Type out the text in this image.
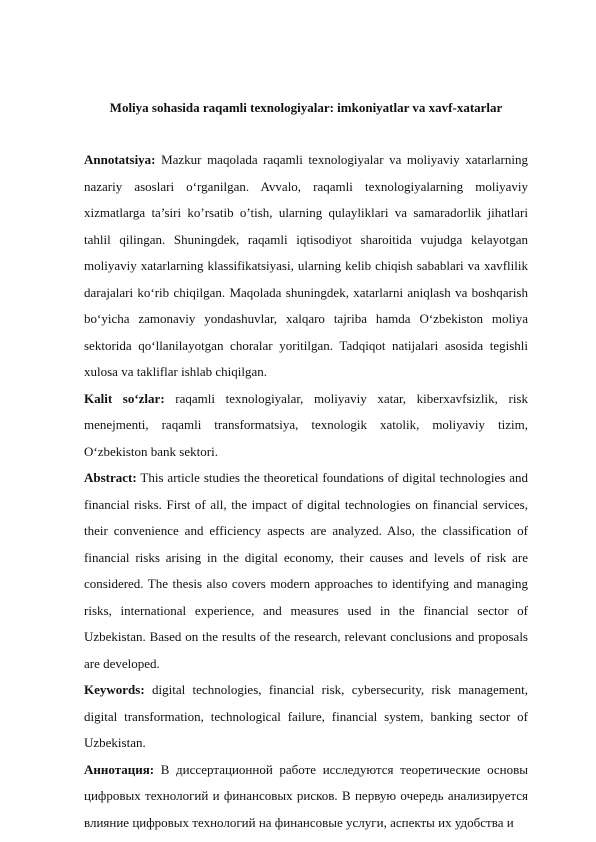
Moliya sohasida raqamli texnologiyalar: imkoniyatlar va xavf-xatarlar

Annotatsiya: Mazkur maqolada raqamli texnologiyalar va moliyaviy xatarlarning nazariy asoslari o‘rganilgan. Avvalo, raqamli texnologiyalarning moliyaviy xizmatlarga ta’siri ko’rsatib o’tish, ularning qulayliklari va samaradorlik jihatlari tahlil qilingan. Shuningdek, raqamli iqtisodiyot sharoitida vujudga kelayotgan moliyaviy xatarlarning klassifikatsiyasi, ularning kelib chiqish sabablari va xavflilik darajalari ko‘rib chiqilgan. Maqolada shuningdek, xatarlarni aniqlash va boshqarish bo‘yicha zamonaviy yondashuvlar, xalqaro tajriba hamda O‘zbekiston moliya sektorida qo‘llanilayotgan choralar yoritilgan. Tadqiqot natijalari asosida tegishli xulosa va takliflar ishlab chiqilgan.

Kalit so‘zlar: raqamli texnologiyalar, moliyaviy xatar, kiberxavfsizlik, risk menejmenti, raqamli transformatsiya, texnologik xatolik, moliyaviy tizim, O‘zbekiston bank sektori.

Abstract: This article studies the theoretical foundations of digital technologies and financial risks. First of all, the impact of digital technologies on financial services, their convenience and efficiency aspects are analyzed. Also, the classification of financial risks arising in the digital economy, their causes and levels of risk are considered. The thesis also covers modern approaches to identifying and managing risks, international experience, and measures used in the financial sector of Uzbekistan. Based on the results of the research, relevant conclusions and proposals are developed.

Keywords: digital technologies, financial risk, cybersecurity, risk management, digital transformation, technological failure, financial system, banking sector of Uzbekistan.

Аннотация: В диссертационной работе исследуются теоретические основы цифровых технологий и финансовых рисков. В первую очередь анализируется влияние цифровых технологий на финансовые услуги, аспекты их удобства и
